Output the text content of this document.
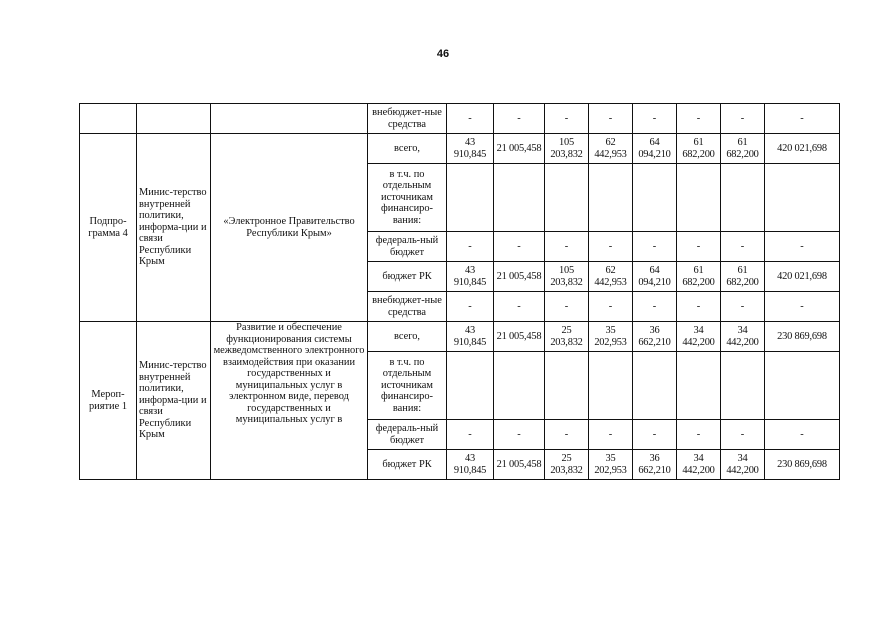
46
			внебюджет-ные средства	-	-	-	-	-	-	-	-
Подпро-грамма 4	Минис-терство внутренней политики, информа-ции и связи Республики Крым	«Электронное Правительство Республики Крым»	всего,	43 910,845	21 005,458	105 203,832	62 442,953	64 094,210	61 682,200	61 682,200	420 021,698
			в т.ч. по отдельным источникам финансиро-вания:								
			федераль-ный бюджет	-	-	-	-	-	-	-	-
			бюджет РК	43 910,845	21 005,458	105 203,832	62 442,953	64 094,210	61 682,200	61 682,200	420 021,698
			внебюджет-ные средства	-	-	-	-	-	-	-	-
Мероп-риятие 1	Минис-терство внутренней политики, информа-ции и связи Республики Крым	Развитие и обеспечение функционирования системы межведомственного электронного взаимодействия при оказании государственных и муниципальных услуг в электронном виде, перевод государственных и муниципальных услуг в	всего,	43 910,845	21 005,458	25 203,832	35 202,953	36 662,210	34 442,200	34 442,200	230 869,698
			в т.ч. по отдельным источникам финансиро-вания:								
			федераль-ный бюджет	-	-	-	-	-	-	-	-
			бюджет РК	43 910,845	21 005,458	25 203,832	35 202,953	36 662,210	34 442,200	34 442,200	230 869,698
